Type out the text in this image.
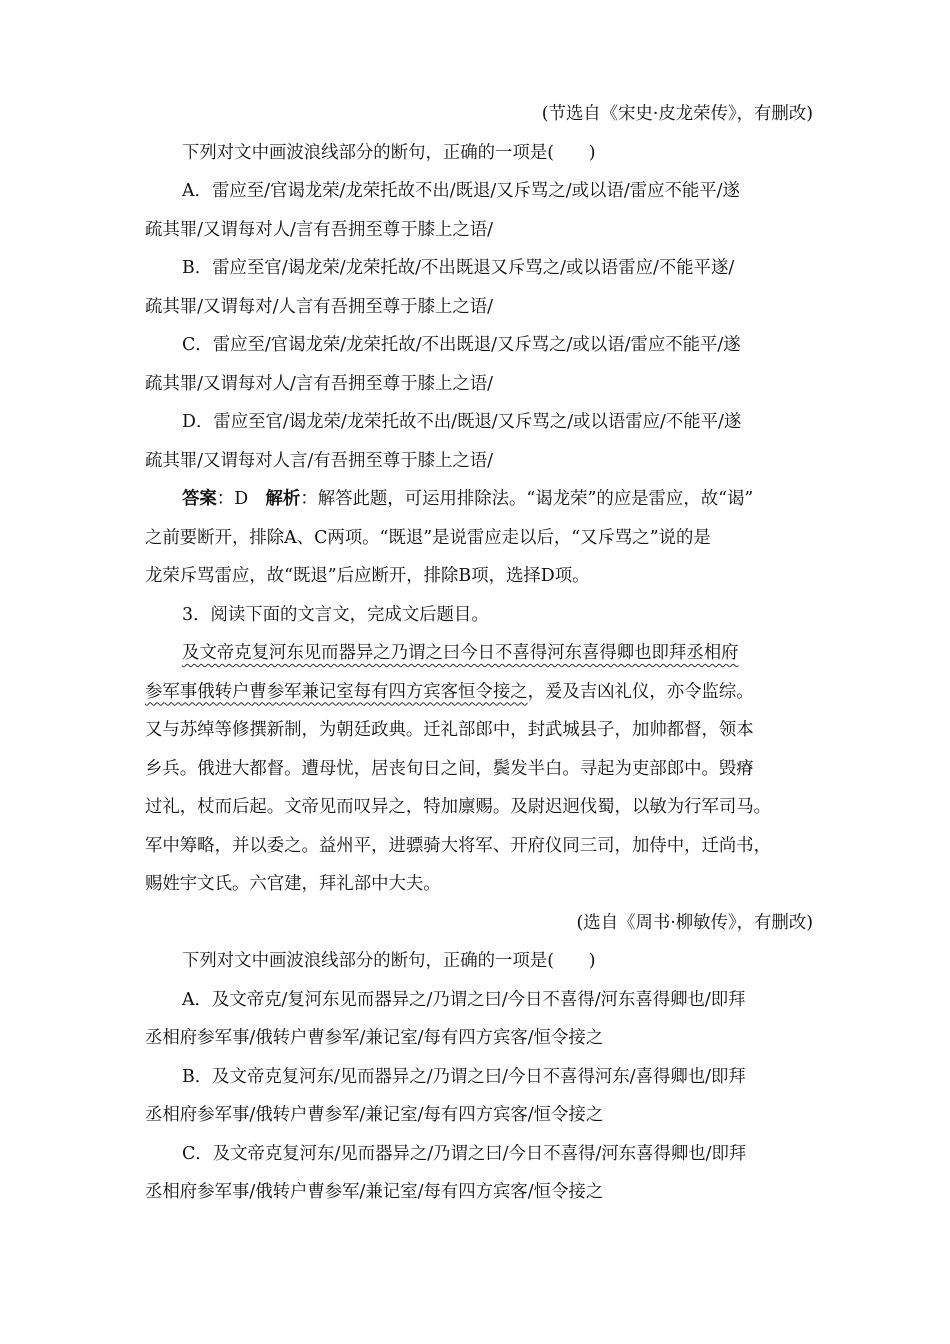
(节选自《宋史·皮龙荣传》，有删改)
下列对文中画波浪线部分的断句，正确的一项是(　　)
A．雷应至/官谒龙荣/龙荣托故不出/既退/又斥骂之/或以语/雷应不能平/遂
疏其罪/又谓每对人/言有吾拥至尊于膝上之语/
B．雷应至官/谒龙荣/龙荣托故/不出既退又斥骂之/或以语雷应/不能平遂/
疏其罪/又谓每对/人言有吾拥至尊于膝上之语/
C．雷应至/官谒龙荣/龙荣托故/不出既退/又斥骂之/或以语/雷应不能平/遂
疏其罪/又谓每对人/言有吾拥至尊于膝上之语/
D．雷应至官/谒龙荣/龙荣托故不出/既退/又斥骂之/或以语雷应/不能平/遂
疏其罪/又谓每对人言/有吾拥至尊于膝上之语/
答案：D　解析：解答此题，可运用排除法。“谒龙荣”的应是雷应，故“谒”
之前要断开，排除A、C两项。“既退”是说雷应走以后，“又斥骂之”说的是
龙荣斥骂雷应，故“既退”后应断开，排除B项，选择D项。
3．阅读下面的文言文，完成文后题目。
及文帝克复河东见而器异之乃谓之曰今日不喜得河东喜得卿也即拜丞相府
参军事俄转户曹参军兼记室每有四方宾客恒令接之，爰及吉凶礼仪，亦令监综。
又与苏绰等修撰新制，为朝廷政典。迁礼部郎中，封武城县子，加帅都督，领本
乡兵。俄进大都督。遭母忧，居丧旬日之间，鬓发半白。寻起为吏部郎中。毁瘠
过礼，杖而后起。文帝见而叹异之，特加廪赐。及尉迟迥伐蜀，以敏为行军司马。
军中筹略，并以委之。益州平，进骠骑大将军、开府仪同三司，加侍中，迁尚书，
赐姓宇文氏。六官建，拜礼部中大夫。
(选自《周书·柳敏传》，有删改)
下列对文中画波浪线部分的断句，正确的一项是(　　)
A．及文帝克/复河东见而器异之/乃谓之曰/今日不喜得/河东喜得卿也/即拜
丞相府参军事/俄转户曹参军/兼记室/每有四方宾客/恒令接之
B．及文帝克复河东/见而器异之/乃谓之曰/今日不喜得河东/喜得卿也/即拜
丞相府参军事/俄转户曹参军/兼记室/每有四方宾客/恒令接之
C．及文帝克复河东/见而器异之/乃谓之曰/今日不喜得/河东喜得卿也/即拜
丞相府参军事/俄转户曹参军/兼记室/每有四方宾客/恒令接之
